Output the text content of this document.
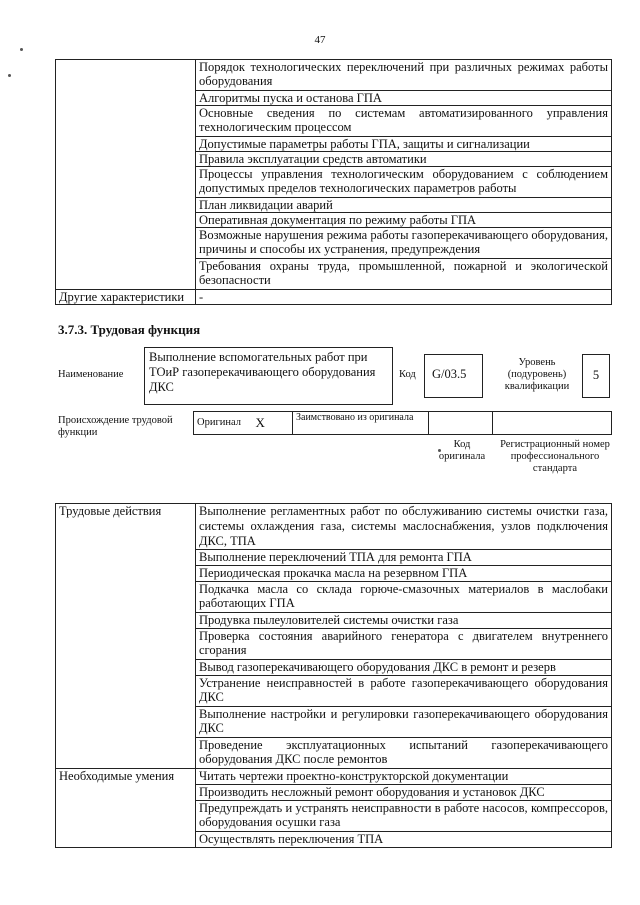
47
	Порядок технологических переключений при различных режимах работы оборудования
	Алгоритмы пуска и останова ГПА
	Основные сведения по системам автоматизированного управления технологическим процессом
	Допустимые параметры работы ГПА, защиты и сигнализации
	Правила эксплуатации средств автоматики
	Процессы управления технологическим оборудованием с соблюдением допустимых пределов технологических параметров работы
	План ликвидации аварий
	Оперативная документация по режиму работы ГПА
	Возможные нарушения режима работы газоперекачивающего оборудования, причины и способы их устранения, предупреждения
	Требования охраны труда, промышленной, пожарной и экологической безопасности
Другие характеристики	-
3.7.3. Трудовая функция
Наименование
Выполнение вспомогательных работ при ТОиР газоперекачивающего оборудования ДКС
Код	G/03.5
Уровень (подуровень) квалификации
5
Происхождение трудовой функции
Оригинал	X	Заимствовано из оригинала		
Код оригинала
Регистрационный номер профессионального стандарта
Трудовые действия	Выполнение регламентных работ по обслуживанию системы очистки газа, системы охлаждения газа, системы маслоснабжения, узлов подключения ДКС, ТПА
	Выполнение переключений ТПА для ремонта ГПА
	Периодическая прокачка масла на резервном ГПА
	Подкачка масла со склада горюче-смазочных материалов в маслобаки работающих ГПА
	Продувка пылеуловителей системы очистки газа
	Проверка состояния аварийного генератора с двигателем внутреннего сгорания
	Вывод газоперекачивающего оборудования ДКС в ремонт и резерв
	Устранение неисправностей в работе газоперекачивающего оборудования ДКС
	Выполнение настройки и регулировки газоперекачивающего оборудования ДКС
	Проведение эксплуатационных испытаний газоперекачивающего оборудования ДКС после ремонтов
Необходимые умения	Читать чертежи проектно-конструкторской документации
	Производить несложный ремонт оборудования и установок ДКС
	Предупреждать и устранять неисправности в работе насосов, компрессоров, оборудования осушки газа
	Осуществлять переключения ТПА
